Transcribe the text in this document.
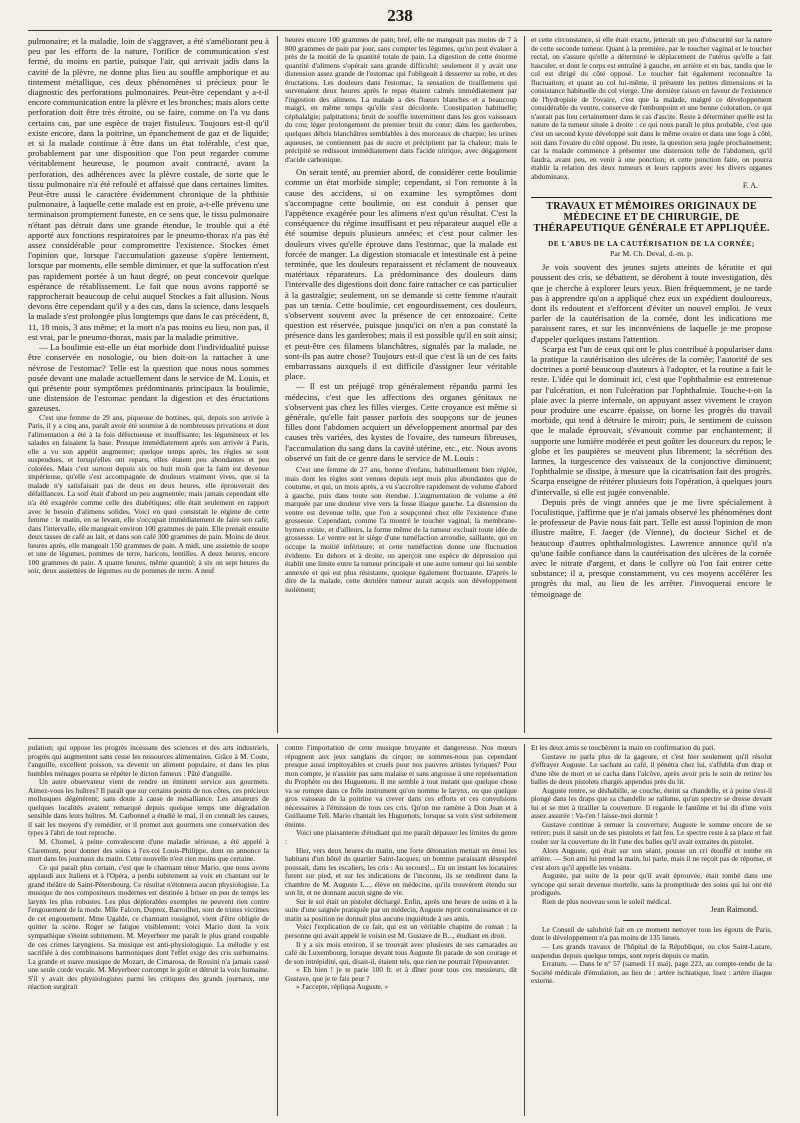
238

pulmonaire; et la maladie, loin de s'aggraver, a été s'améliorant peu à peu par les efforts de la nature, l'orifice de communication s'est fermé, du moins en partie, puisque l'air, qui arrivait jadis dans la cavité de la plèvre, ne donne plus lieu au souffle amphorique et au tintement métallique, ces deux phénomènes si précieux pour le diagnostic des perforations pulmonaires. Peut-être cependant y a-t-il encore communication entre la plèvre et les bronches; mais alors cette perforation doit être très étroite, ou se faire, comme on l'a vu dans certains cas, par une espèce de trajet fistuleux. Toujours est-il qu'il existe encore, dans la poitrine, un épanchement de gaz et de liquide; et si la malade continue à être dans un état tolérable, c'est que, probablement par une disposition que l'on peut regarder comme véritablement heureuse, le poumon avait contracté, avant la perforation, des adhérences avec la plèvre costale, de sorte que le tissu pulmonaire n'a été refoulé et affaissé que dans certaines limites. Peut-être aussi le caractère évidemment chronique de la phthisie pulmonaire, à laquelle cette malade est en proie, a-t-elle prévenu une terminaison promptement funeste, en ce sens que, le tissu pulmonaire n'étant pas détruit dans une grande étendue, le trouble qui a été apporté aux fonctions respiratoires par le pneumo-thorax n'a pas été assez considérable pour compromettre l'existence. Stockes émet l'opinion que, lorsque l'accumulation gazeuse s'opère lentement, lorsque par moments, elle semble diminuer, et que la suffocation n'est pas rapidement portée à un haut degré, on peut concevoir quelque espérance de rétablissement. Le fait que nous avons rapporté se rapprocherait beaucoup de celui auquel Stockes a fait allusion. Nous devons être cependant qu'il y a des cas, dans la science, dans lesquels la malade s'est prolongée plus longtemps que dans le cas précédent, 8, 11, 18 mois, 3 ans même; et la mort n'a pas moins eu lieu, non pas, il est vrai, par le pneumo-thorax, mais par la maladie primitive.

— La boulimie est-elle un état morbide dont l'individualité puisse être conservée en nosologie, ou bien doit-on la rattacher à une névrose de l'estomac? Telle est la question que nous nous sommes posée devant une malade actuellement dans le service de M. Louis, et qui présente pour symptômes prédominants principaux la boulimie, une distension de l'estomac pendant la digestion et des éructations gazeuses.

C'est une femme de 29 ans, piqueuse de bottines, qui, depuis son arrivée à Paris, il y a cinq ans, paraît avoir été soumise à de nombreuses privations et dont l'alimentation a été à la fois défectueuse et insuffisante; les légumineux et les salades en faisaient la base. Presque immédiatement après son arrivée à Paris, elle a vu son appétit augmenter; quelque temps après, les règles se sont suspendues, et lorsqu'elles ont reparu, elles étaient peu abondantes et peu colorées. Mais c'est surtout depuis six ou huit mois que la faim est devenue impérieuse, qu'elle s'est accompagnée de douleurs vraiment vives, que si la malade n'y satisfaisait pas de deux en deux heures, elle éprouverait des défaillances. La soif était d'abord un peu augmentée; mais jamais cependant elle n'a été exagérée comme celle des diabétiques; elle était seulement en rapport avec le besoin d'alimens solides. Voici en quoi consistait le régime de cette femme : le matin, en se levant, elle s'occupait immédiatement de faire son café; dans l'intervalle, elle mangeait environ 100 grammes de pain. Elle prenait ensuite deux tasses de café au lait, et dans son café 300 grammes de pain. Moins de deux heures après, elle mangeait 150 grammes de pain. A midi, une assiettée de soupe et une de légumes, pommes de terre, haricots, lentilles. A deux heures, encore 100 grammes de pain. A quatre heures, même quantité; à six on sept heures du soir, deux assiettées de légumes ou de pommes de terre. A neuf

heures encore 100 grammes de pain; bref, elle ne mangeait pas moins de 7 à 800 grammes de pain par jour, sans compter les légumes, qu'on peut évaluer à près de la moitié de la quantité totale de pain. La digestion de cette énorme quantité d'alimens s'opérait sans grande difficulté; seulement il y avait une distension assez grande de l'estomac qui l'obligeait à desserrer sa robe, et des éructations. Les douleurs dans l'estomac, la sensation de tiraillemens qui survenaient deux heures après le repas étaient calmés immédiatement par l'ingestion des alimens. La malade a des flueurs blanches et a beaucoup maigri, en même temps qu'elle s'est décolorée. Constipation habituelle; céphalalgie; palpitations; bruit de souffle intermittent dans les gros vaisseaux du cou; léger prolongement du premier bruit du cœur; dans les garderobes, quelques débris blanchâtres semblables à des morceaux de charpie; les urines aqueuses, ne contiennent pas de sucre et précipitent par la chaleur; mais le précipité se redissout immédiatement dans l'acide nitrique, avec dégagement d'acide carbonique.

On serait tenté, au premier abord, de considérer cette boulimie comme un état morbide simple; cependant, si l'on remonte à la cause des accidens, si on examine les symptômes dont s'accompagne cette boulimie, on est conduit à penser que l'appétence exagérée pour les alimens n'est qu'un résultat. C'est la conséquence du régime insuffisant et peu réparateur auquel elle a été soumise depuis plusieurs années; et c'est pour calmer les douleurs vives qu'elle éprouve dans l'estomac, que la malade est forcée de manger. La digestion stomacale et intestinale est à peine terminée, que les douleurs reparaissent et réclament de nouveaux matériaux réparateurs. La prédominance des douleurs dans l'intervalle des digestions doit donc faire rattacher ce cas particulier à la gastralgie; seulement, on se demande si cette femme n'aurait pas un tænia. Cette boulimie, cet engourdissement, ces douleurs, s'observent souvent avec la présence de cet entozoaire. Cette question est réservée, puisque jusqu'ici on n'en a pas constaté la présence dans les garderobes; mais il est possible qu'il en soit ainsi; et peut-être ces filamens blanchâtres, signalés par la malade, ne sont-ils pas autre chose? Toujours est-il que c'est là un de ces faits embarrassans auxquels il est difficile d'assigner leur véritable place.

— Il est un préjugé trop généralement répandu parmi les médecins, c'est que les affections des organes génitaux ne s'observent pas chez les filles vierges. Cette croyance est même si générale, qu'elle fait passer parfois des soupçons sur de jeunes filles dont l'abdomen acquiert un développement anormal par des causes très variées, des kystes de l'ovaire, des tumeurs fibreuses, l'accumulation du sang dans la cavité utérine, etc., etc. Nous avons observé un fait de ce genre dans le service de M. Louis :

C'est une femme de 27 ans, bonne d'enfans, habituellement bien réglée, mais dont les règles sont venues depuis sept mois plus abondantes que de coutume, et qui, un mois après, a vu s'accroître rapidement de volume d'abord à gauche, puis dans toute son étendue. L'augmentation de volume a été marquée par une douleur vive vers la fosse iliaque gauche. La distension du ventre est devenue telle, que l'on a soupçonné chez elle l'existence d'une grossesse. Cependant, comme l'a montré le toucher vaginal, la membrane-hymen existe, et d'ailleurs, la forme même de la tumeur excluait toute idée de grossesse. Le ventre est le siège d'une tuméfaction arrondie, saillante, qui en occupe la moitié inférieure; et cette tuméfaction donne une fluctuation évidente. En dehors et à droite, on aperçoit une espèce de dépression qui établit une limite entre la tumeur principale et une autre tumeur qui lui semble annexée et qui est plus résistante, quoique également fluctuante. D'après le dire de la malade, cette dernière tumeur aurait acquis son développement isolément;

et cette circonstance, si elle était exacte, jetterait un peu d'obscurité sur la nature de cette seconde tumeur. Quant à la première, par le toucher vaginal et le toucher rectal, on s'assure qu'elle a déterminé le déplacement de l'utérus qu'elle a fait basculer, et dont le corps est entraîné à gauche, en arrière et en bas, tandis que le col est dirigé du côté opposé. Le toucher fait également reconnaître la fluctuation; et quant au col lui-même, il présente les petites dimensions et la consistance habituelle du col vierge. Une dernière raison en faveur de l'existence de l'hydropisie de l'ovaire, c'est que la malade, malgré ce développement considérable du ventre, conserve de l'embonpoint et une bonne coloration, ce qui n'aurait pas lieu certainement dans le cas d'ascite. Reste à déterminer quelle est la nature de la tumeur située à droite : ce qui nous paraît le plus probable, c'est que c'est un second kyste développé soit dans le même ovaire et dans une loge à côté, soit dans l'ovaire du côté opposé. Du reste, la question sera jugée prochainement; car la malade commence à présenter une distension telle de l'abdomen, qu'il faudra, avant peu, en venir à une ponction; et cette ponction faite, on pourra établir la relation des deux tumeurs et leurs rapports avec les divers organes abdominaux.

F. A.
TRAVAUX ET MÉMOIRES ORIGINAUX DE MÉDECINE ET DE CHIRURGIE, DE THÉRAPEUTIQUE GÉNÉRALE ET APPLIQUÉE.
DE L'ABUS DE LA CAUTÉRISATION DE LA CORNÉE;
Par M. Ch. Deval, d.-m. p.

Je vois souvent des jeunes sujets atteints de kératite et qui poussent des cris, se débattent, se dérobent à toute investigation, dès que je cherche à explorer leurs yeux. Bien fréquemment, je ne tarde pas à apprendre qu'on a appliqué chez eux un expédient douloureux, dont ils redoutent et s'efforcent d'éviter un nouvel emploi. Je veux parler de la cautérisation de la cornée, dont les indications me paraissent rares, et sur les inconvéniens de laquelle je me propose d'appeler quelques instans l'attention.

Scarpa est l'un de ceux qui ont le plus contribué à populariser dans la pratique la cautérisation des ulcères de la cornée; l'autorité de ses doctrines a porté beaucoup d'auteurs à l'adopter, et la routine a fait le reste. L'idée qui le dominait ici, c'est que l'ophthalmie est entretenue par l'ulcération, et non l'ulcération par l'ophthalmie. Touche-t-on la plaie avec la pierre infernale, on appuyant assez vivement le crayon pour produire une escarre épaisse, on borne les progrès du travail morbide, qui tend à détruire le miroir; puis, le sentiment de cuisson que le malade éprouvait, s'évanouit comme par enchantement; il supporte une lumière modérée et peut goûter les douceurs du repos; le globe et les paupières se meuvent plus librement; la sécrétion des larmes, la turgescence des vaisseaux de la conjonctive diminuent; l'ophthalmie se dissipe, à mesure que la cicatrisation fait des progrès. Scarpa enseigne de réitérer plusieurs fois l'opération, à quelques jours d'intervalle, si elle est jugée convenable.

Depuis près de vingt années que je me livre spécialement à l'oculistique, j'affirme que je n'ai jamais observé les phénomènes dont le professeur de Pavie nous fait part. Telle est aussi l'opinion de mon illustre maître, F. Jaeger (de Vienne), du docteur Sichel et de beaucoup d'autres ophthalmologistes. Lawrence annonce qu'il n'a qu'une faible confiance dans la cautérisation des ulcères de la cornée avec le nitrate d'argent, et dans le collyre où l'on fait entrer cette substance; il a, presque constamment, vu ces moyens accélérer les progrès du mal, au lieu de les arrêter. J'invoquerai encore le témoignage de

pulation; qui oppose les progrès incessans des sciences et des arts industriels, progrès qui augmentent sans cesse les ressources alimentaires. Grâce à M. Coste, l'anguille, excellent poisson, va devenir un aliment populaire, et dans les plus humbles ménages pourra se répéter le dicton fameux : Pâté d'anguille.

Un autre observateur vient de rendre un éminent service aux gourmets. Aimez-vous les huîtres? Il paraît que sur certains points de nos côtes, ces précieux mollusques dégénèrent; sans doute à cause de mésalliance. Les amateurs de quelques localités avaient remarqué depuis quelque temps une dégradation sensible dans leurs huîtres. M. Carbonnel a étudié le mal, il en connaît les causes, il sait les moyens d'y remédier, et il promet aux gourmets une conservation des types à l'abri de tout reproche.

M. Chomel, à peine convalescent d'une maladie sérieuse, a été appelé à Claremont, pour donner des soins à l'ex-roi Louis-Philippe, dont on annonce la mort dans les journaux du matin. Cette nouvelle n'est rien moins que certaine.

Ce qui paraît plus certain, c'est que le charmant ténor Mario, que nous avons applaudi aux Italiens et à l'Opéra, a perdu subitement sa voix en chantant sur le grand théâtre de Saint-Pétersbourg. Ce résultat n'étonnera aucun physiologiste. La musique de nos compositeurs modernes est destinée à briser en peu de temps les larynx les plus robustes. Les plus déplorables exemples ne peuvent rien contre l'engouement de la mode. Mlle Falcon, Duprez, Barroilhet, sont de tristes victimes de cet engouement. Mme Ugalde, ce charmant rossignol, vient d'être obligée de quitter la scène. Roger se fatigue visiblement; voici Mario dont la voix sympathique s'éteint subitement. M. Meyerbeer me paraît le plus grand coupable de ces crimes laryngiens. Sa musique est anti-physiologique. La mélodie y est sacrifiée à des combinaisons harmoniques dont l'effet exige des cris surhumains. La grande et suave musique de Mozart, de Cimarosa, de Rossini n'a jamais cassé une seule corde vocale. M. Meyerbeer corrompt le goût et détruit la voix humaine. S'il y avait des physiologistes parmi les critiques des grands journaux, une réaction surgirait

contre l'importation de cette musique bruyante et dangereuse. Nos mœurs répugnent aux jeux sanglans du cirque; ne sommes-nous pas cependant presque aussi impitoyables et cruels pour nos pauvres artistes lyriques? Pour mon compte, je n'assiste pas sans malaise et sans angoisse à une représentation du Prophète ou des Huguenots. Il me semble à tout instant que quelque chose va se rompre dans ce frêle instrument qu'on nomme le larynx, ou que quelque gros vaisseau de la poitrine va crever dans ces efforts et ces convulsions nécessaires à l'émission de tous ces cris. Qu'on me ramène à Don Juan et à Guillaume Tell. Mario chantait les Huguenots, lorsque sa voix s'est subitement éteinte.

Voici une plaisanterie d'étudiant qui me paraît dépasser les limites du genre :

Hier, vers deux heures du matin, une forte détonation mettait en émoi les habitans d'un hôtel du quartier Saint-Jacques; un homme paraissant désespéré poussait, dans les escaliers, les cris : Au secours!... En un instant les locataires furent sur pied, et sur les indications de l'inconnu, ils se rendirent dans la chambre de M. Auguste L..., élève en médecine, qu'ils trouvèrent étendu sur son lit, et ne donnant aucun signe de vie.

Sur le sol était un pistolet déchargé. Enfin, après une heure de soins et à la suite d'une saignée pratiquée par un médecin, Auguste reprit connaissance et ce matin sa position ne donnait plus aucune inquiétude à ses amis.

Voici l'explication de ce fait, qui est un véritable chapitre de roman : la personne qui avait appelé le voisin est M. Gustave de B..., étudiant en droit.

Il y a six mois environ, il se trouvait avec plusieurs de ses camarades au café du Luxembourg, lorsque devant tous Auguste fit parade de son courage et de son intrépidité, qui, disait-il, étaient tels, que rien ne pourrait l'épouvanter.

« Eh bien ! je te parie 100 fr. et à dîner pour tous ces messieurs, dit Gustave, que je te fais peur ?

» J'accepte, répliqua Auguste. »

Et les deux amis se touchèrent la main en confirmation du pari.

Gustave ne parla plus de la gageure, et c'est hier seulement qu'il résolut d'effrayer Auguste. Le sachant au café, il pénétra chez lui, s'affubla d'un drap et d'une tête de mort et se cacha dans l'alcôve, après avoir pris le soin de retirer les balles de deux pistolets chargés appendus près du lit.

Auguste rentre, se déshabille, se couche, éteint sa chandelle, et à peine s'est-il plongé dans les draps que sa chandelle se rallume, qu'un spectre se dresse devant lui et se met à tirailler la couverture. Il regarde le fantôme et lui dit d'une voix assez assurée : Va-t'en ! laisse-moi dormir !

Gustave continue à remuer la couverture; Auguste le somme encore de se retirer; puis il saisit un de ses pistolets et fait feu. Le spectre reste à sa place et fait rouler sur la couverture du lit l'une des balles qu'il avait extraites du pistolet.

Alors Auguste, qui était sur son séant, pousse un cri étouffé et tombe en arrière. — Son ami lui prend la main, lui parle, mais il ne reçoit pas de réponse, et c'est alors qu'il appelle les voisins.

Auguste, par suite de la peur qu'il avait éprouvée, était tombé dans une syncope qui serait devenue mortelle, sans la promptitude des soins qui lui ont été prodigués.

Rien de plus nouveau sous le soleil médical.

Jean Raimond.

Le Conseil de salubrité fait en ce moment nettoyer tous les égouts de Paris, dont le développement n'a pas moins de 135 lieues.

— Les grands travaux de l'hôpital de la République, ou clos Saint-Lazare, suspendus depuis quelque temps, sont repris depuis ce matin.

Erratum. — Dans le n° 57 (samedi 11 mai), page 223, au compte-rendu de la Société médicale d'émulation, au lieu de : artère ischiatique, lisez : artère iliaque externe.
